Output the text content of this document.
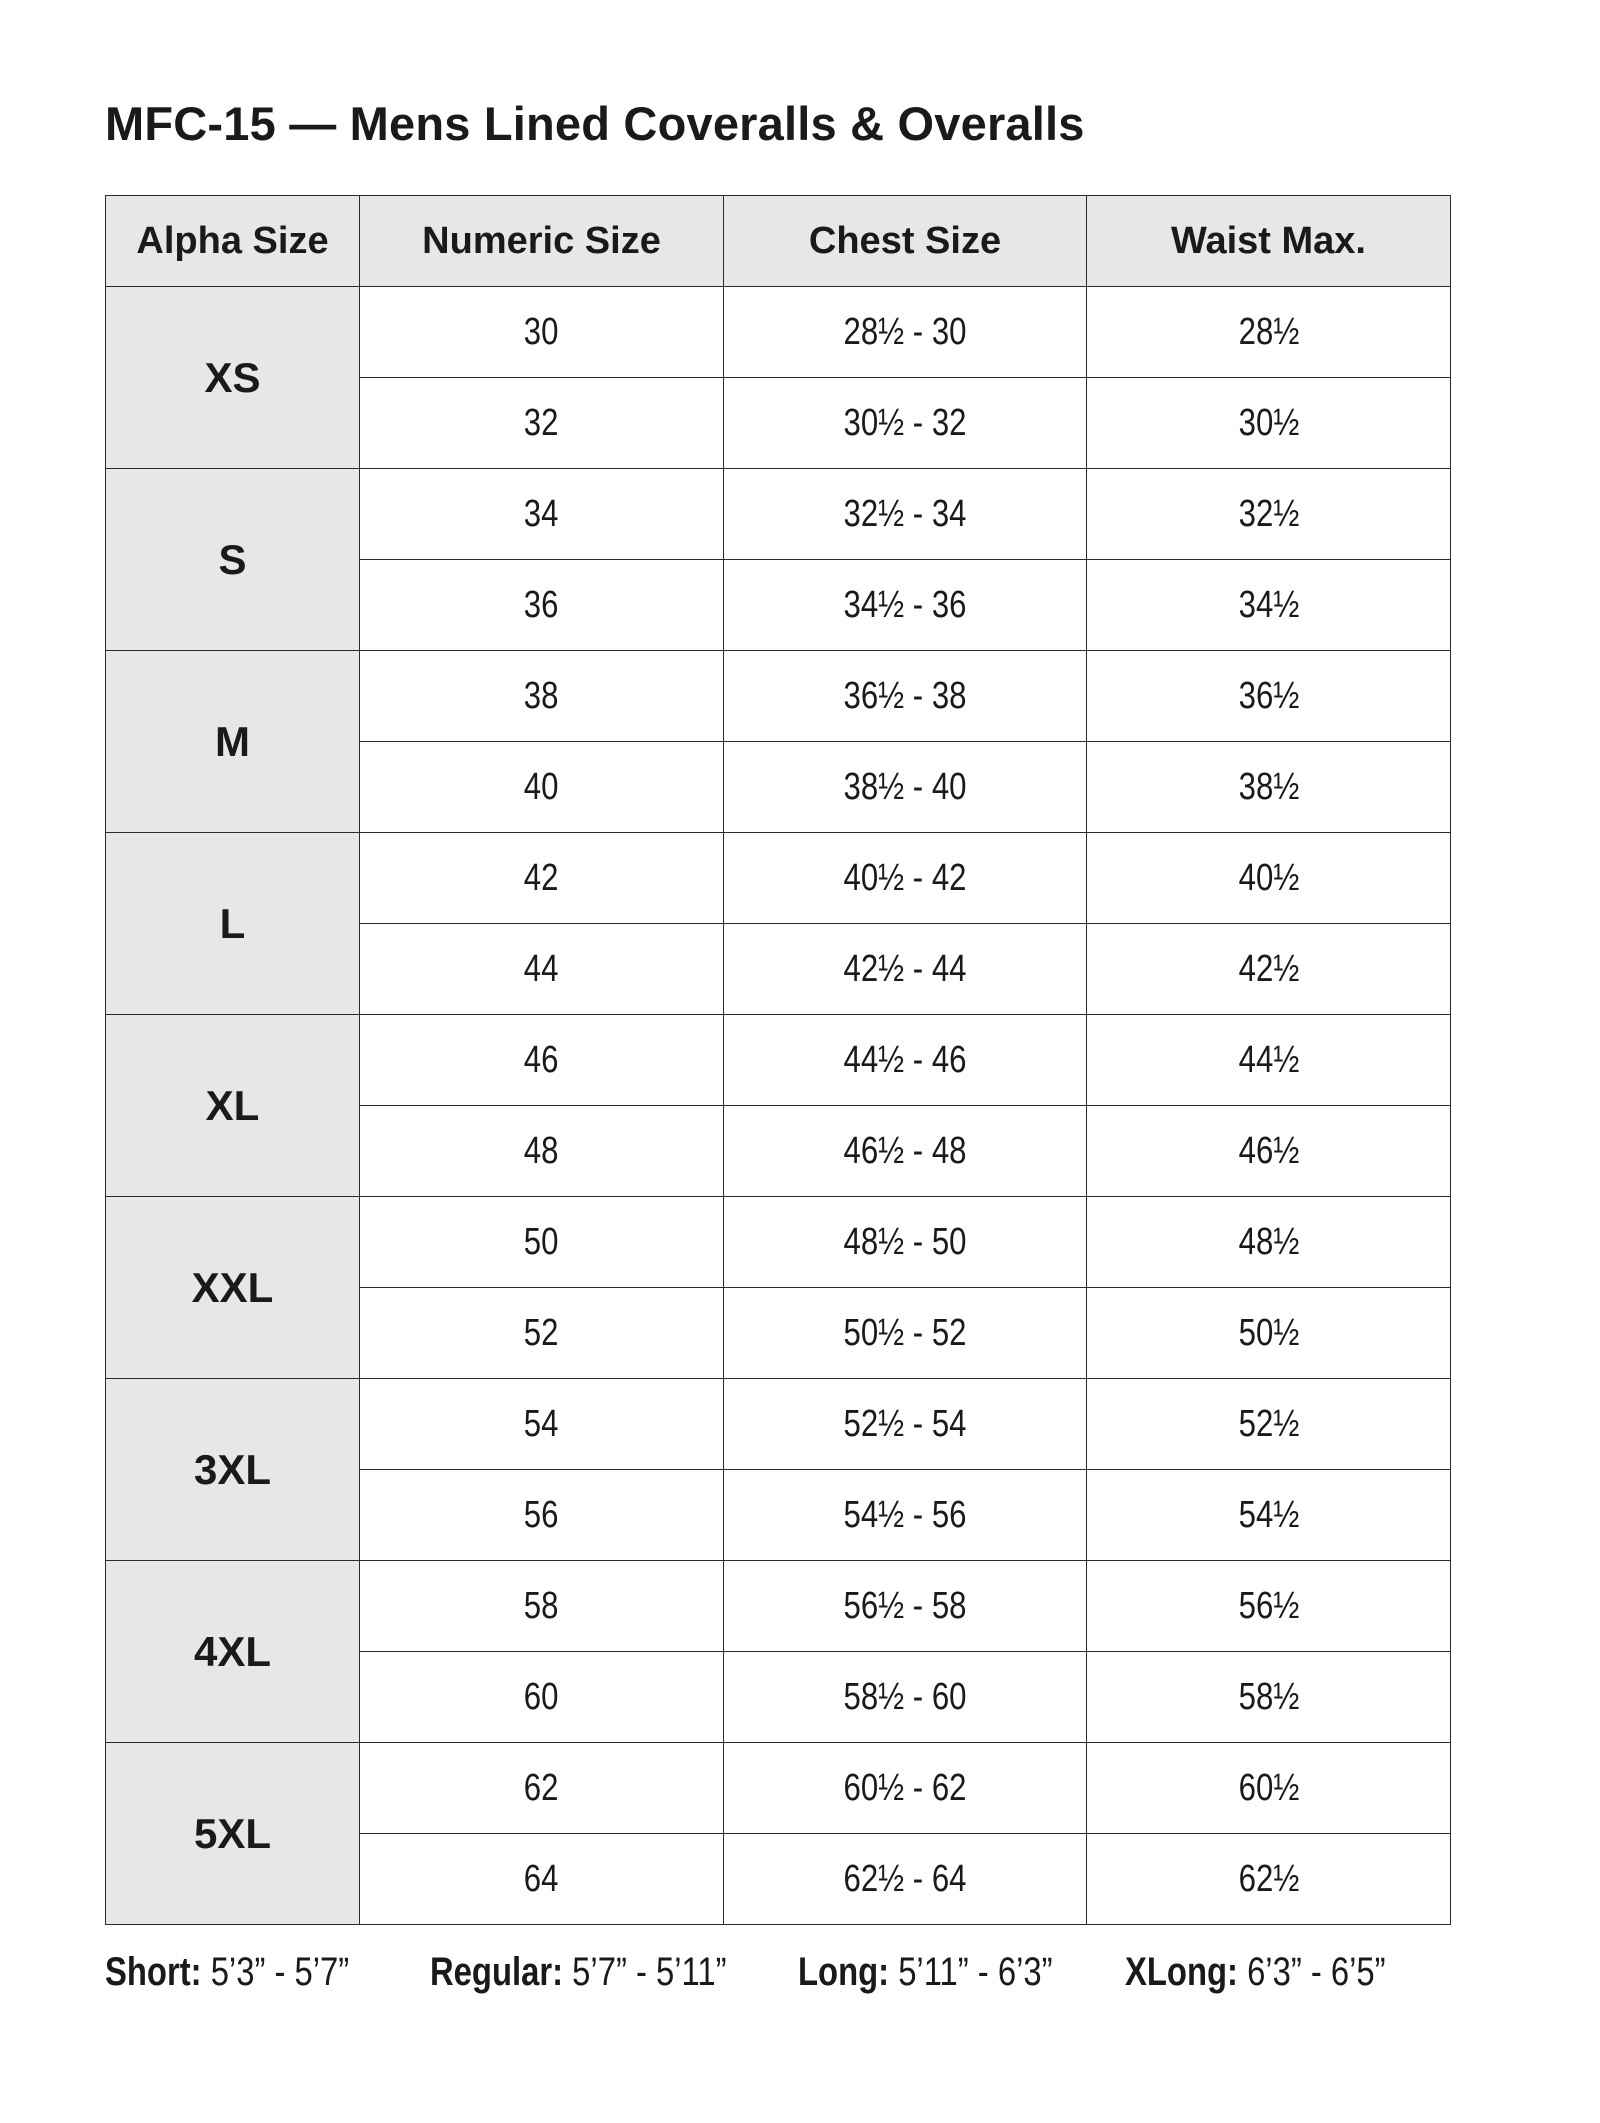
MFC-15 — Mens Lined Coveralls & Overalls
Alpha Size	Numeric Size	Chest Size	Waist Max.
XS	30	28½ - 30	28½
	32	30½ - 32	30½
S	34	32½ - 34	32½
	36	34½ - 36	34½
M	38	36½ - 38	36½
	40	38½ - 40	38½
L	42	40½ - 42	40½
	44	42½ - 44	42½
XL	46	44½ - 46	44½
	48	46½ - 48	46½
XXL	50	48½ - 50	48½
	52	50½ - 52	50½
3XL	54	52½ - 54	52½
	56	54½ - 56	54½
4XL	58	56½ - 58	56½
	60	58½ - 60	58½
5XL	62	60½ - 62	60½
	64	62½ - 64	62½
Short: 5’3” - 5’7” Regular: 5’7” - 5’11” Long: 5’11” - 6’3” XLong: 6’3” - 6’5”
